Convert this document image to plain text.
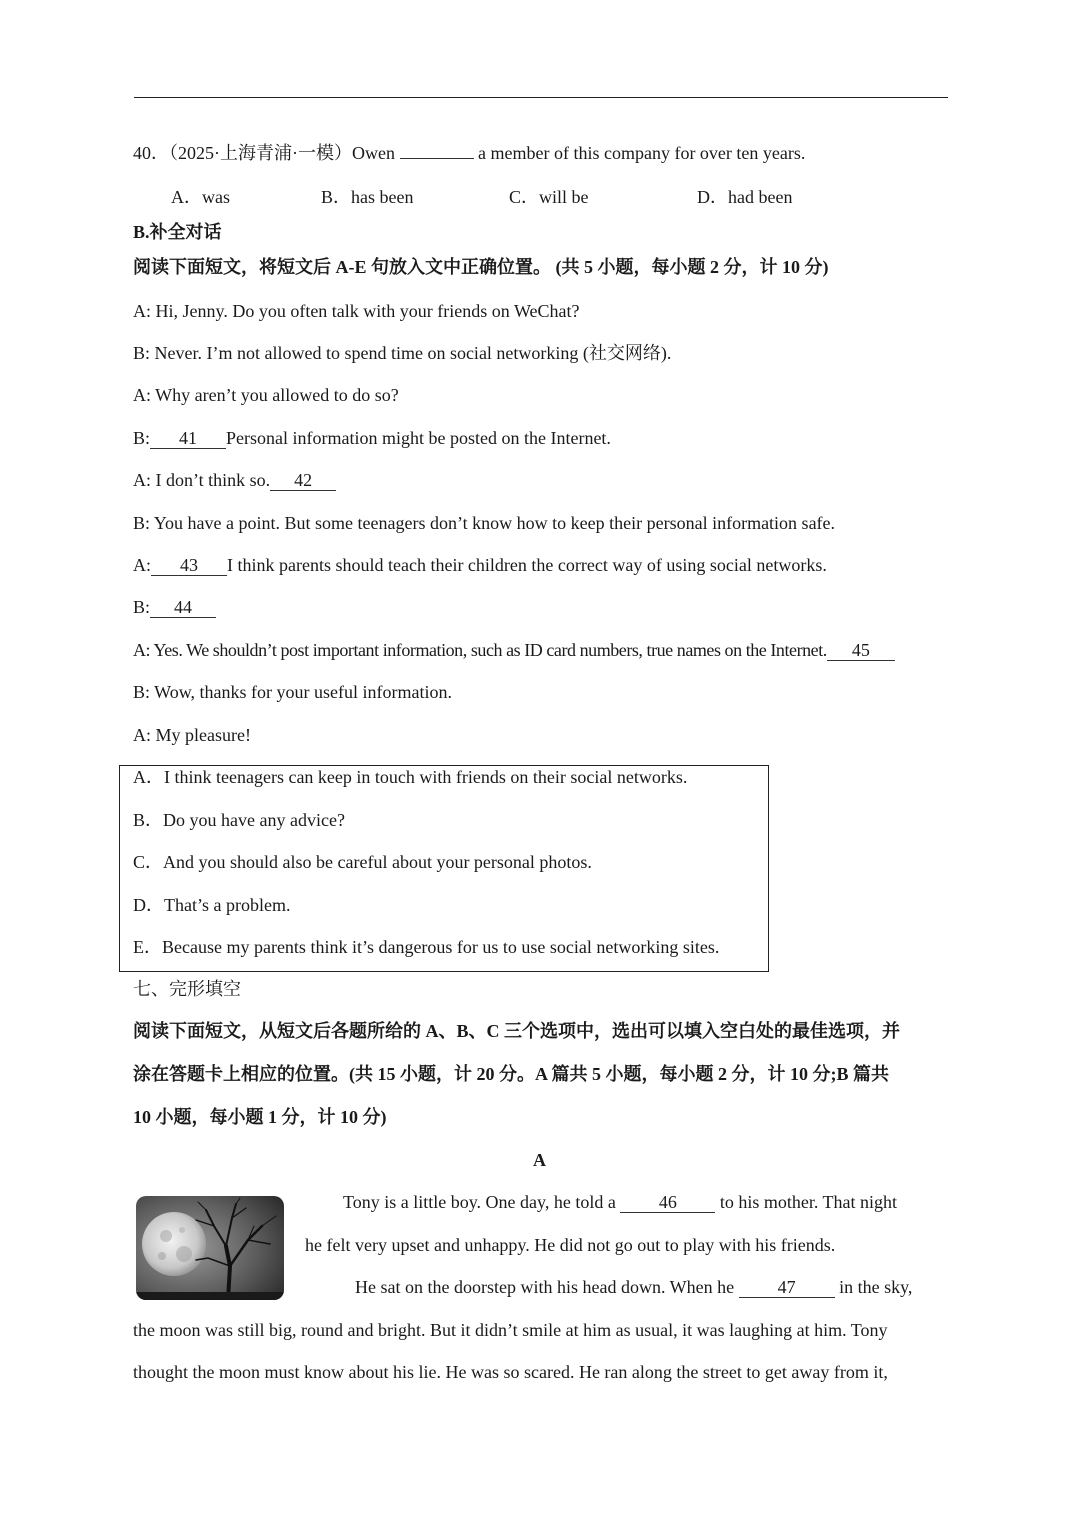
40．（2025·上海青浦·一模）Owen	a member of this company for over ten years.
A．was	B．has been	C．will be	D．had been
B.补全对话
阅读下面短文，将短文后 A-E 句放入文中正确位置。 (共 5 小题，每小题 2 分，计 10 分)
A: Hi, Jenny. Do you often talk with your friends on WeChat?
B: Never. I’m not allowed to spend time on social networking (社交网络).
A: Why aren’t you allowed to do so?
B: 41 Personal information might be posted on the Internet.
A: I don’t think so. 42
B: You have a point. But some teenagers don’t know how to keep their personal information safe.
A: 43 I think parents should teach their children the correct way of using social networks.
B: 44
A: Yes. We shouldn’t post important information, such as ID card numbers, true names on the Internet. 45
B: Wow, thanks for your useful information.
A: My pleasure!
A．I think teenagers can keep in touch with friends on their social networks.
B．Do you have any advice?
C．And you should also be careful about your personal photos.
D．That’s a problem.
E．Because my parents think it’s dangerous for us to use social networking sites.
七、完形填空
阅读下面短文，从短文后各题所给的 A、B、C 三个选项中，选出可以填入空白处的最佳选项，并
涂在答题卡上相应的位置。(共 15 小题，计 20 分。A 篇共 5 小题，每小题 2 分，计 10 分;B 篇共
10 小题，每小题 1 分，计 10 分)
A
Tony is a little boy. One day, he told a 46 to his mother. That night
he felt very upset and unhappy. He did not go out to play with his friends.
He sat on the doorstep with his head down. When he 47 in the sky,
the moon was still big, round and bright. But it didn’t smile at him as usual, it was laughing at him. Tony
thought the moon must know about his lie. He was so scared. He ran along the street to get away from it,
